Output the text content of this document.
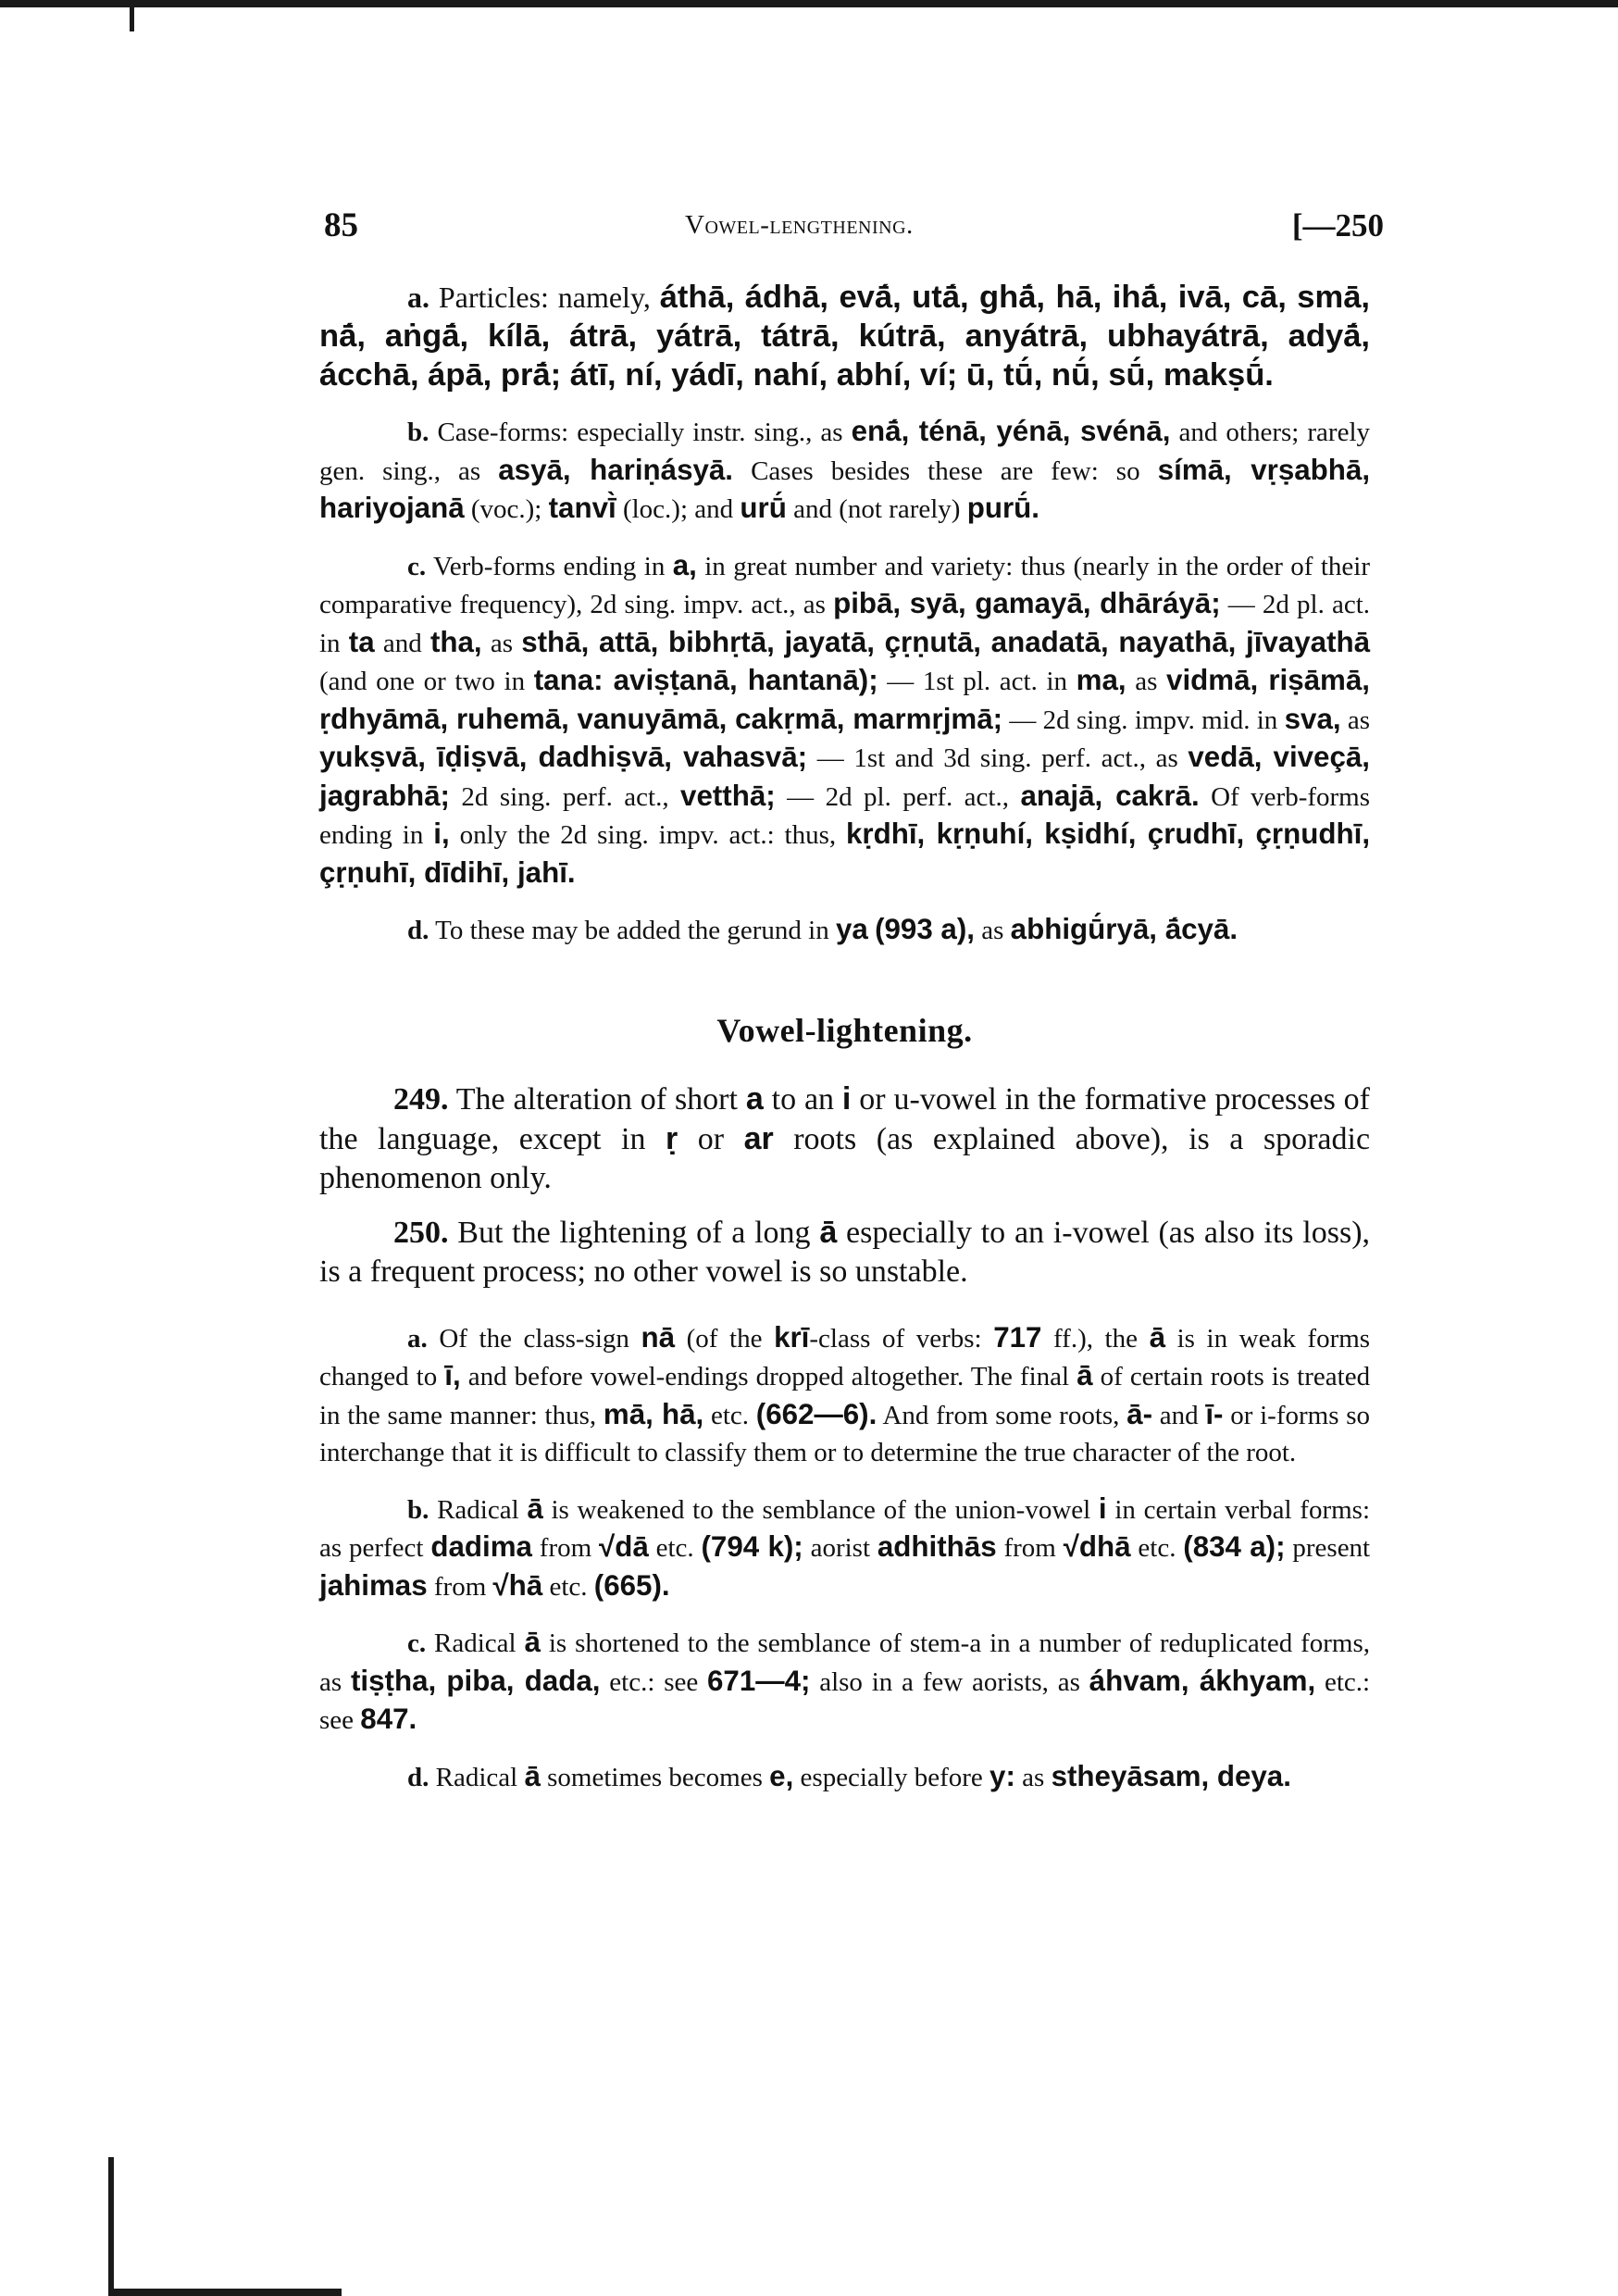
85	Vowel-lengthening.	[—250

a. Particles: namely, áthā, ádhā, evā́, utā́, ghā́, hā, ihā́, ivā, cā, smā, nā́, aṅgā́, kílā, átrā, yátrā, tátrā, kútrā, anyátrā, ubhayátrā, adyā́, ácchā, ápā, prā́; átī, ní, yádī, nahí, abhí, ví; ū, tū́, nū́, sū́, makṣū́.

b. Case-forms: especially instr. sing., as enā́, ténā, yénā, svénā, and others; rarely gen. sing., as asyā, hariṇásyā. Cases besides these are few: so símā, vṛṣabhā, hariyojanā (voc.); tanvī̀ (loc.); and urū́ and (not rarely) purū́.

c. Verb-forms ending in a, in great number and variety: thus (nearly in the order of their comparative frequency), 2d sing. impv. act., as pibā, syā, gamayā, dhāráyā; — 2d pl. act. in ta and tha, as sthā, attā, bibhṛtā, jayatā, çṛṇutā, anadatā, nayathā, jīvayathā (and one or two in tana: aviṣṭanā, hantanā); — 1st pl. act. in ma, as vidmā, riṣāmā, ṛdhyāmā, ruhemā, vanuyāmā, cakṛmā, marmṛjmā; — 2d sing. impv. mid. in sva, as yukṣvā, īḍiṣvā, dadhiṣvā, vahasvā; — 1st and 3d sing. perf. act., as vedā, viveçā, jagrabhā; 2d sing. perf. act., vetthā; — 2d pl. perf. act., anajā, cakrā. Of verb-forms ending in i, only the 2d sing. impv. act.: thus, kṛdhī, kṛṇuhí, kṣidhí, çrudhī, çṛṇudhī, çṛṇuhī, dīdihī, jahī.

d. To these may be added the gerund in ya (993 a), as abhigū́ryā, ā́cyā.

Vowel-lightening.

249. The alteration of short a to an i or u-vowel in the formative processes of the language, except in ṛ or ar roots (as explained above), is a sporadic phenomenon only.

250. But the lightening of a long ā especially to an i-vowel (as also its loss), is a frequent process; no other vowel is so unstable.

a. Of the class-sign nā (of the krī-class of verbs: 717 ff.), the ā is in weak forms changed to ī, and before vowel-endings dropped altogether. The final ā of certain roots is treated in the same manner: thus, mā, hā, etc. (662—6). And from some roots, ā- and ī- or i-forms so interchange that it is difficult to classify them or to determine the true character of the root.

b. Radical ā is weakened to the semblance of the union-vowel i in certain verbal forms: as perfect dadima from √dā etc. (794 k); aorist adhithās from √dhā etc. (834 a); present jahimas from √hā etc. (665).

c. Radical ā is shortened to the semblance of stem-a in a number of reduplicated forms, as tiṣṭha, piba, dada, etc.: see 671—4; also in a few aorists, as áhvam, ákhyam, etc.: see 847.

d. Radical ā sometimes becomes e, especially before y: as stheyāsam, deya.
